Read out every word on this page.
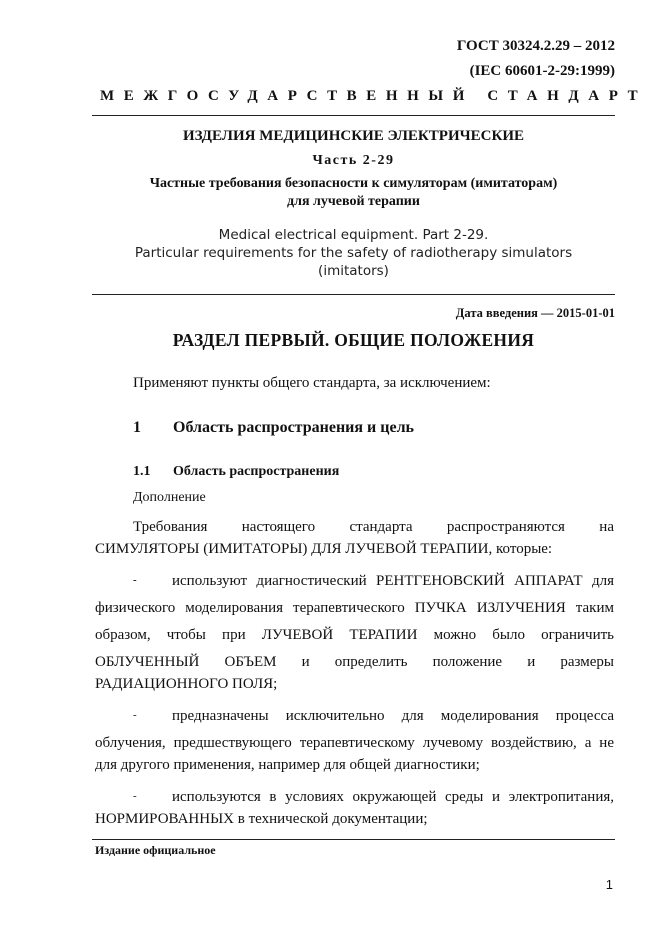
ГОСТ 30324.2.29 – 2012
(IEC 60601-2-29:1999)
МЕЖГОСУДАРСТВЕННЫЙ СТАНДАРТ
ИЗДЕЛИЯ МЕДИЦИНСКИЕ ЭЛЕКТРИЧЕСКИЕ
Часть 2-29
Частные требования безопасности к симуляторам (имитаторам)
для лучевой терапии
Medical electrical equipment. Part 2-29.
Particular requirements for the safety of radiotherapy simulators
(imitators)
Дата введения — 2015-01-01
РАЗДЕЛ ПЕРВЫЙ. ОБЩИЕ ПОЛОЖЕНИЯ
Применяют пункты общего стандарта, за исключением:
1 Область распространения и цель
1.1 Область распространения
Дополнение
Требования настоящего стандарта распространяются на
СИМУЛЯТОРЫ (ИМИТАТОРЫ) ДЛЯ ЛУЧЕВОЙ ТЕРАПИИ, которые:
- используют диагностический РЕНТГЕНОВСКИЙ АППАРАТ для
физического моделирования терапевтического ПУЧКА ИЗЛУЧЕНИЯ таким
образом, чтобы при ЛУЧЕВОЙ ТЕРАПИИ можно было ограничить
ОБЛУЧЕННЫЙ ОБЪЕМ и определить положение и размеры
РАДИАЦИОННОГО ПОЛЯ;
- предназначены исключительно для моделирования процесса
облучения, предшествующего терапевтическому лучевому воздействию, а не
для другого применения, например для общей диагностики;
- используются в условиях окружающей среды и электропитания,
НОРМИРОВАННЫХ в технической документации;
Издание официальное
1
